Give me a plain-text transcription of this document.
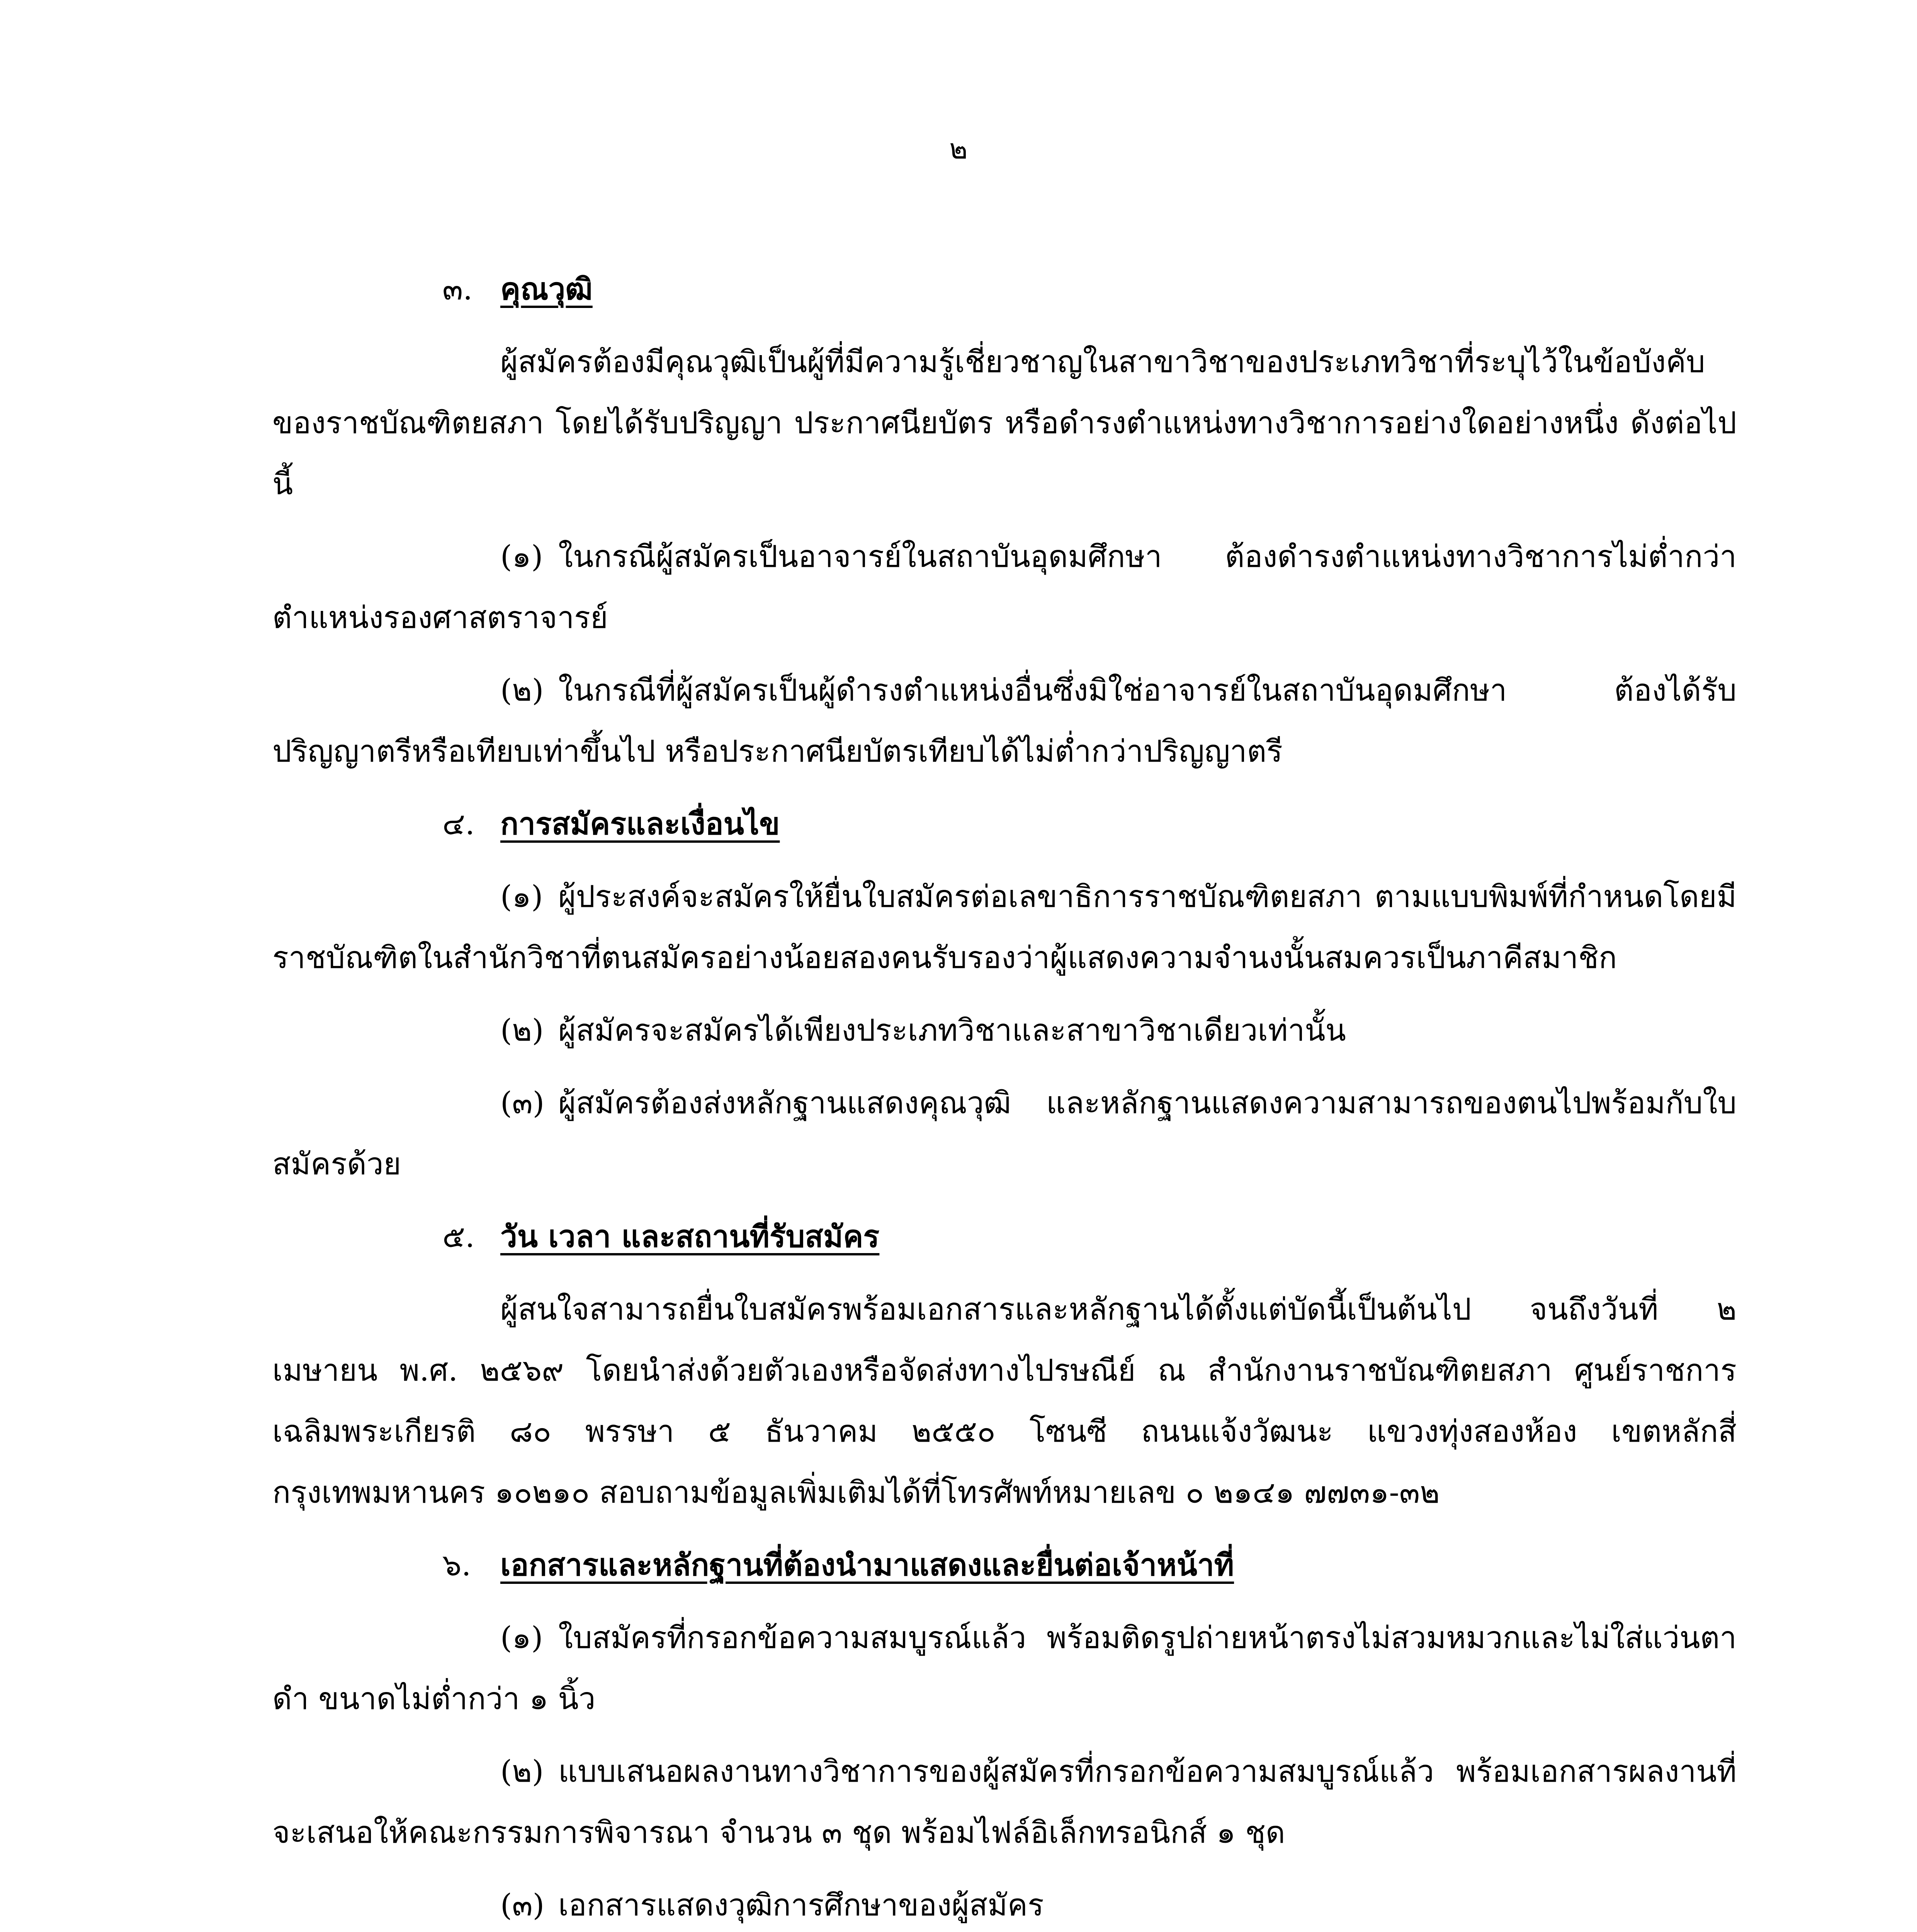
๒
๓. คุณวุฒิ

ผู้สมัครต้องมีคุณวุฒิเป็นผู้ที่มีความรู้เชี่ยวชาญในสาขาวิชาของประเภทวิชาที่ระบุไว้ในข้อบังคับของราชบัณฑิตยสภา โดยได้รับปริญญา ประกาศนียบัตร หรือดำรงตำแหน่งทางวิชาการอย่างใดอย่างหนึ่ง ดังต่อไปนี้

(๑) ในกรณีผู้สมัครเป็นอาจารย์ในสถาบันอุดมศึกษา ต้องดำรงตำแหน่งทางวิชาการไม่ต่ำกว่าตำแหน่งรองศาสตราจารย์

(๒) ในกรณีที่ผู้สมัครเป็นผู้ดำรงตำแหน่งอื่นซึ่งมิใช่อาจารย์ในสถาบันอุดมศึกษา ต้องได้รับปริญญาตรีหรือเทียบเท่าขึ้นไป หรือประกาศนียบัตรเทียบได้ไม่ต่ำกว่าปริญญาตรี

๔. การสมัครและเงื่อนไข

(๑) ผู้ประสงค์จะสมัครให้ยื่นใบสมัครต่อเลขาธิการราชบัณฑิตยสภา ตามแบบพิมพ์ที่กำหนดโดยมีราชบัณฑิตในสำนักวิชาที่ตนสมัครอย่างน้อยสองคนรับรองว่าผู้แสดงความจำนงนั้นสมควรเป็นภาคีสมาชิก

(๒) ผู้สมัครจะสมัครได้เพียงประเภทวิชาและสาขาวิชาเดียวเท่านั้น

(๓) ผู้สมัครต้องส่งหลักฐานแสดงคุณวุฒิ และหลักฐานแสดงความสามารถของตนไปพร้อมกับใบสมัครด้วย

๕. วัน เวลา และสถานที่รับสมัคร

ผู้สนใจสามารถยื่นใบสมัครพร้อมเอกสารและหลักฐานได้ตั้งแต่บัดนี้เป็นต้นไป จนถึงวันที่ ๒ เมษายน พ.ศ. ๒๕๖๙ โดยนำส่งด้วยตัวเองหรือจัดส่งทางไปรษณีย์ ณ สำนักงานราชบัณฑิตยสภา ศูนย์ราชการเฉลิมพระเกียรติ ๘๐ พรรษา ๕ ธันวาคม ๒๕๕๐ โซนซี ถนนแจ้งวัฒนะ แขวงทุ่งสองห้อง เขตหลักสี่ กรุงเทพมหานคร ๑๐๒๑๐ สอบถามข้อมูลเพิ่มเติมได้ที่โทรศัพท์หมายเลข ๐ ๒๑๔๑ ๗๗๓๑-๓๒

๖. เอกสารและหลักฐานที่ต้องนำมาแสดงและยื่นต่อเจ้าหน้าที่

(๑) ใบสมัครที่กรอกข้อความสมบูรณ์แล้ว พร้อมติดรูปถ่ายหน้าตรงไม่สวมหมวกและไม่ใส่แว่นตาดำ ขนาดไม่ต่ำกว่า ๑ นิ้ว

(๒) แบบเสนอผลงานทางวิชาการของผู้สมัครที่กรอกข้อความสมบูรณ์แล้ว พร้อมเอกสารผลงานที่จะเสนอให้คณะกรรมการพิจารณา จำนวน ๓ ชุด พร้อมไฟล์อิเล็กทรอนิกส์ ๑ ชุด

(๓) เอกสารแสดงวุฒิการศึกษาของผู้สมัคร
